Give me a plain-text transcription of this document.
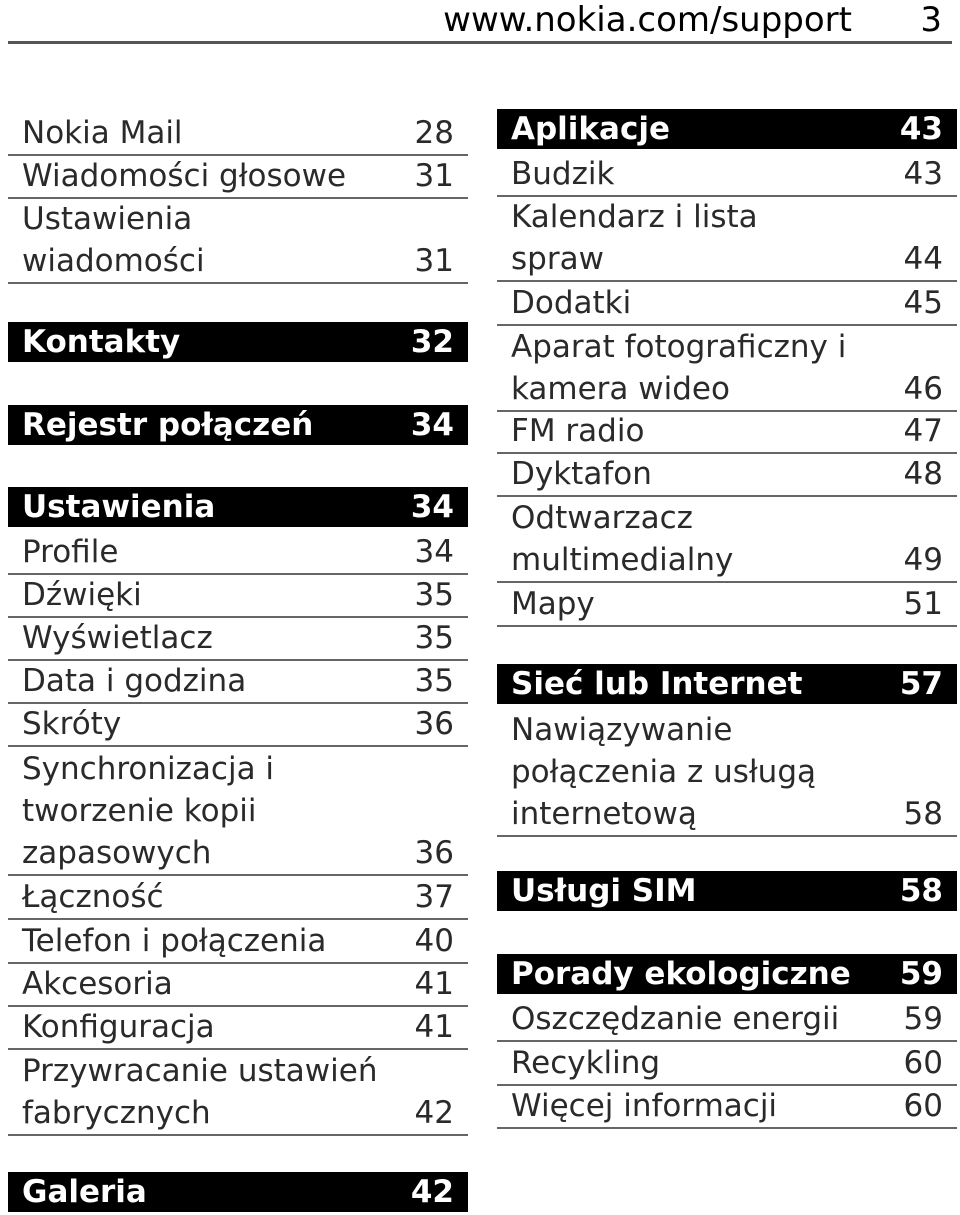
www.nokia.com/support 3
Nokia Mail	28
Wiadomości głosowe	31
Ustawienia
wiadomości	31
Kontakty	32
Rejestr połączeń	34
Ustawienia	34
Profile	34
Dźwięki	35
Wyświetlacz	35
Data i godzina	35
Skróty	36
Synchronizacja i
tworzenie kopii
zapasowych	36
Łączność	37
Telefon i połączenia	40
Akcesoria	41
Konfiguracja	41
Przywracanie ustawień
fabrycznych	42
Galeria	42
Aplikacje	43
Budzik	43
Kalendarz i lista
spraw	44
Dodatki	45
Aparat fotograficzny i
kamera wideo	46
FM radio	47
Dyktafon	48
Odtwarzacz
multimedialny	49
Mapy	51
Sieć lub Internet	57
Nawiązywanie
połączenia z usługą
internetową	58
Usługi SIM	58
Porady ekologiczne 59
Oszczędzanie energii	59
Recykling	60
Więcej informacji	60
